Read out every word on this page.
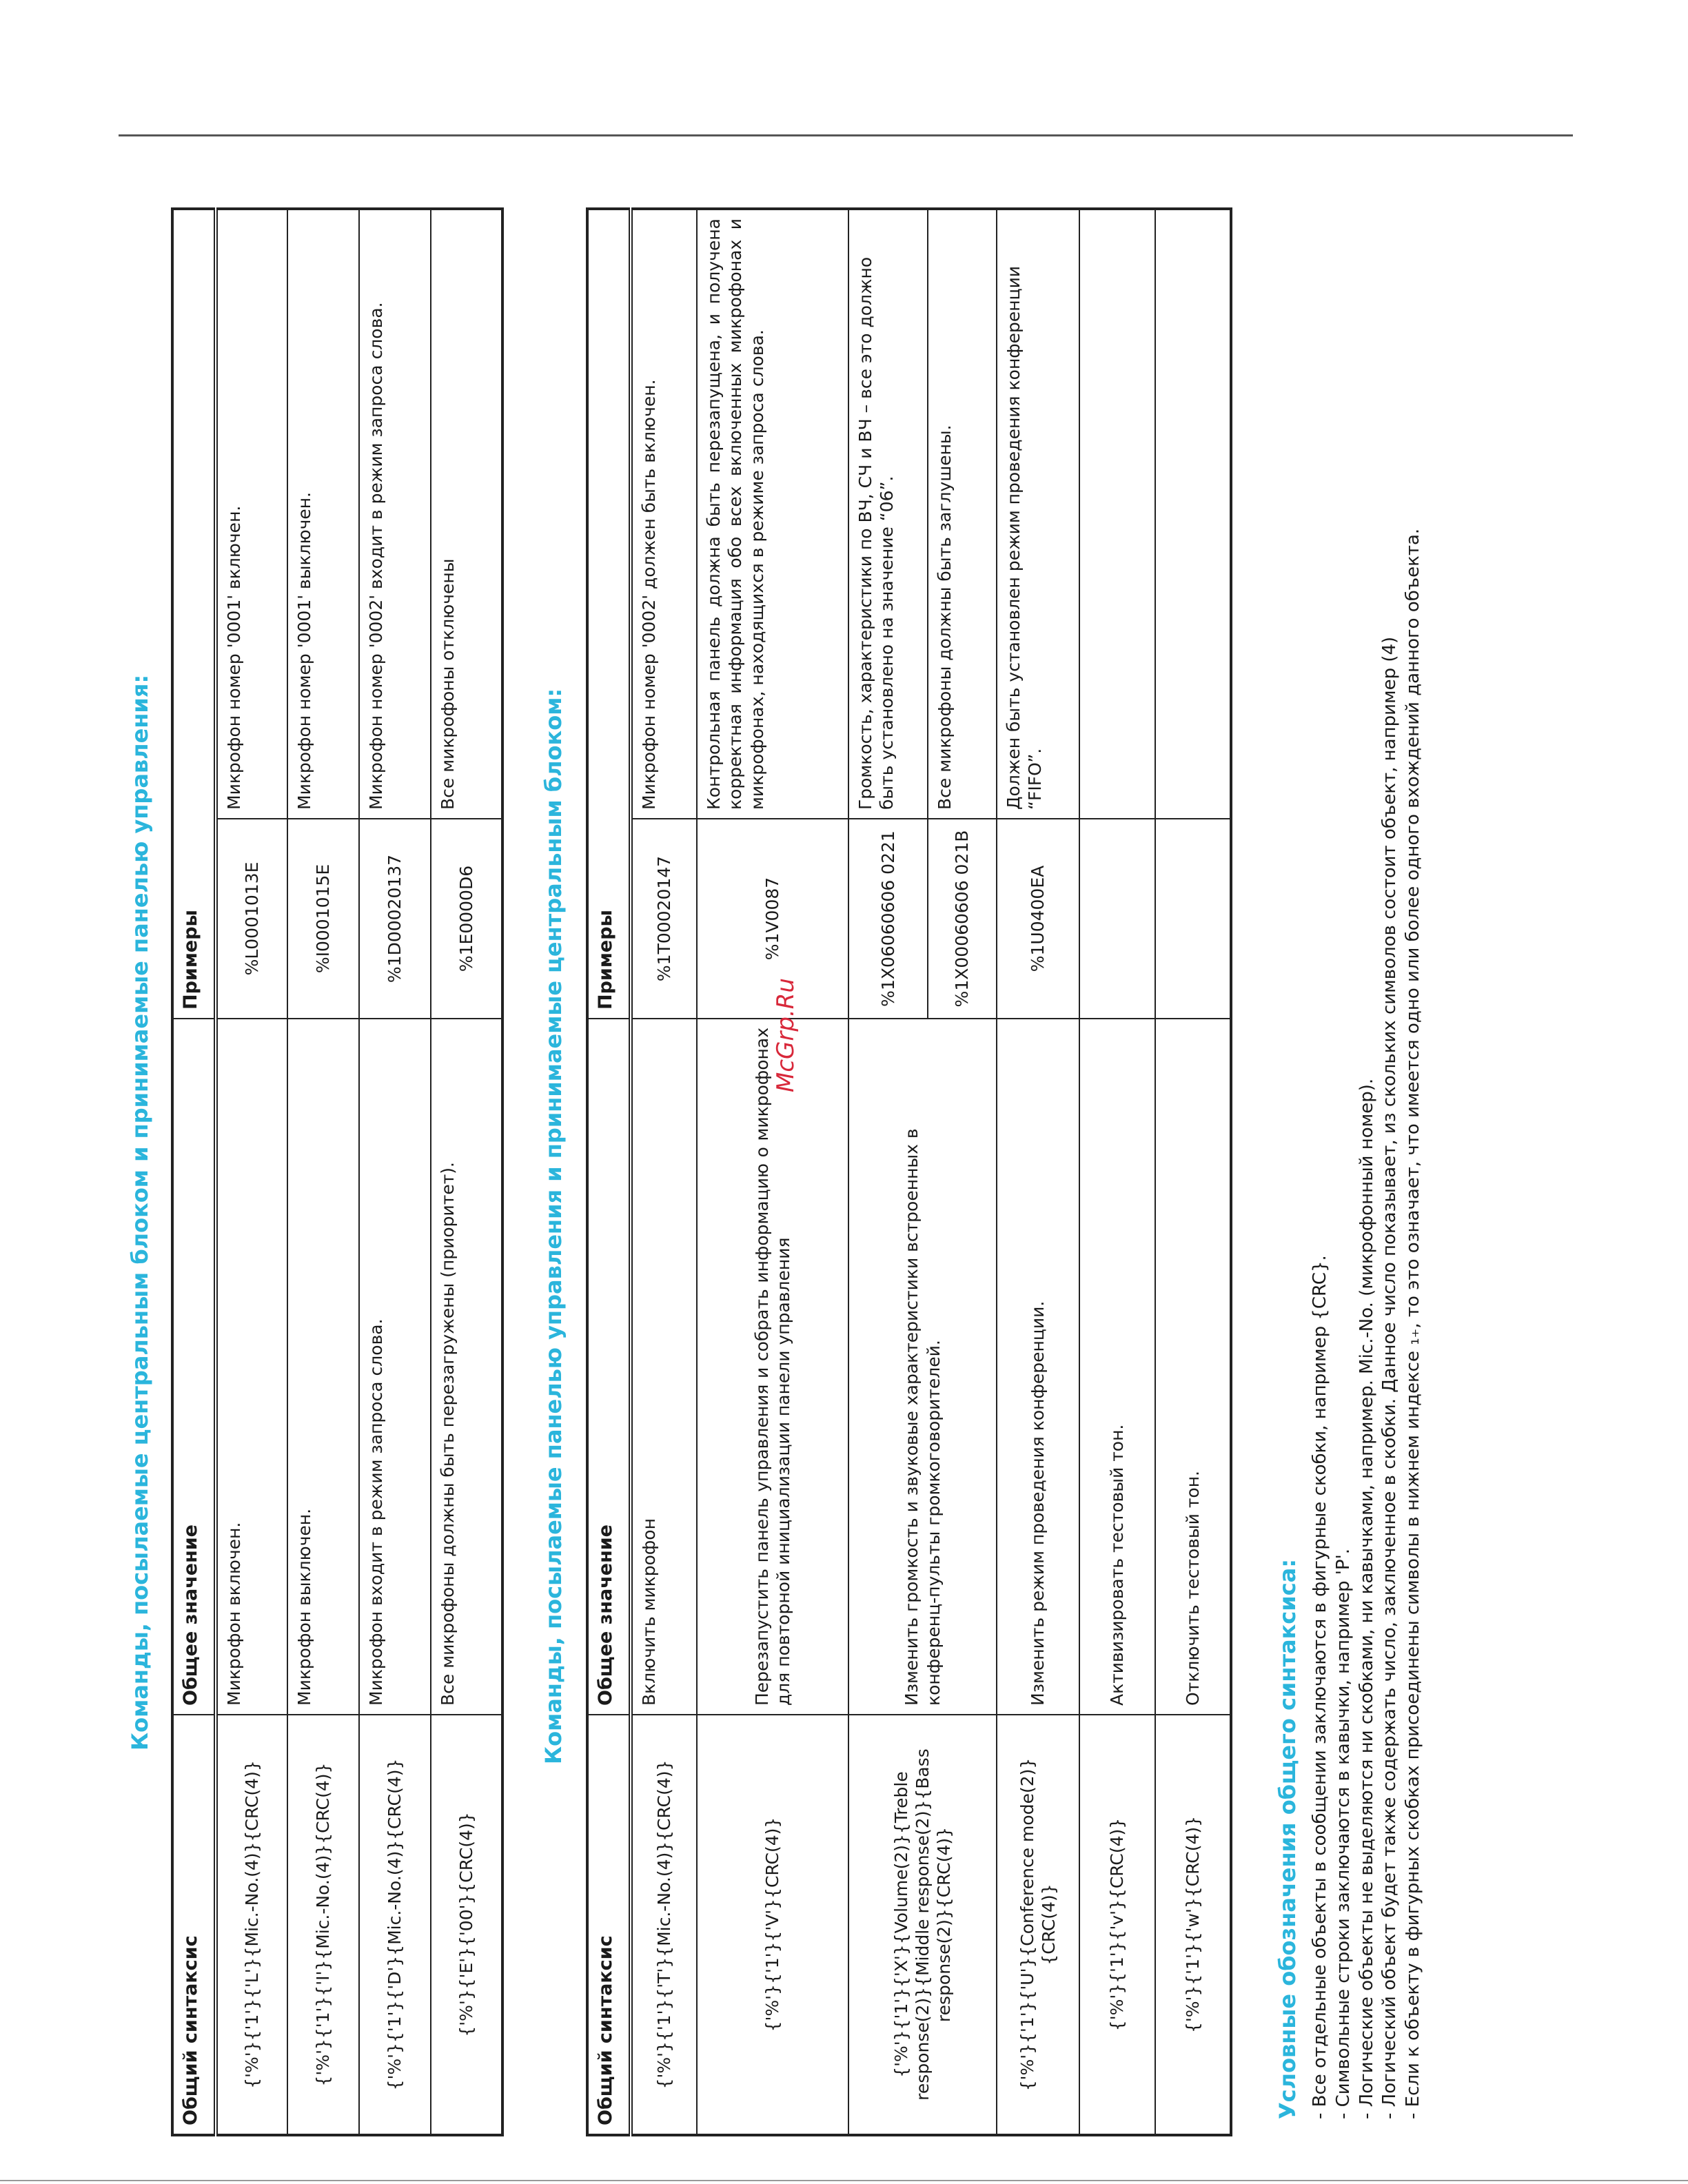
Команды, посылаемые центральным блоком и принимаемые панелью управления:
Общий синтаксис	Общее значение	Примеры	
{'%'}{'1'}{'L'}{Mic.-No.(4)}{CRC(4)}	Микрофон включен.	%L0001013E	Микрофон номер '0001' включен.
{'%'}{'1'}{'I'}{Mic.-No.(4)}{CRC(4)}	Микрофон выключен.	%I0001015E	Микрофон номер '0001' выключен.
{'%'}{'1'}{'D'}{Mic.-No.(4)}{CRC(4)}	Микрофон входит в режим запроса слова.	%1D00020137	Микрофон номер '0002' входит в режим запроса слова.
{'%'}{'E'}{'00'}{CRC(4)}	Все микрофоны должны быть перезагружены (приоритет).	%1E0000D6	Все микрофоны отключены
Команды, посылаемые панелью управления и принимаемые центральным блоком:
Общий синтаксис	Общее значение	Примеры	
{'%'}{'1'}{'T'}{Mic.-No.(4)}{CRC(4)}	Включить микрофон	%1T00020147	Микрофон номер '0002' должен быть включен.
{'%'}{'1'}{'V'}{CRC(4)}	Перезапустить панель управления и собрать информацию о микрофонах для повторной инициализации панели управления	%1V0087	Контрольная панель должна быть перезапущена, и получена корректная информация обо всех включенных микрофонах и микрофонах, находящихся в режиме запроса слова.
{'%'}{'1'}{'X'}{Volume(2)}{Treble response(2)}{Middle response(2)}{Bass response(2)}{CRC(4)}	Изменить громкость и звуковые характеристики встроенных в конференц-пульты громкоговорителей.	%1X06060606 0221	Громкость, характеристики по ВЧ, СЧ и ВЧ – все это должно быть установлено на значение “06”.
		%1X00060606 021B	Все микрофоны должны быть заглушены.
{'%'}{'1'}{'U'}{Conference mode(2)}{CRC(4)}	Изменить режим проведения конференции.	%1U0400EA	Должен быть установлен режим проведения конференции “FIFO”.
{'%'}{'1'}{'v'}{CRC(4)}	Активизировать тестовый тон.		
{'%'}{'1'}{'w'}{CRC(4)}	Отключить тестовый тон.			Условные обозначения общего синтаксиса: - Все отдельные объекты в сообщении заключаются в фигурные скобки, например {CRC}. - Символьные строки заключаются в кавычки, например 'P'. - Логические объекты не выделяются ни скобками, ни кавычками, например. Mic.-No. (микрофонный номер). - Логический объект будет также содержать число, заключенное в скобки. Данное число показывает, из скольких символов состоит объект, например (4) - Если к объекту в фигурных скобках присоединены символы в нижнем индексе ₁₊, то это означает, что имеется одно или более одного вхождений данного объекта.
McGrp.Ru
